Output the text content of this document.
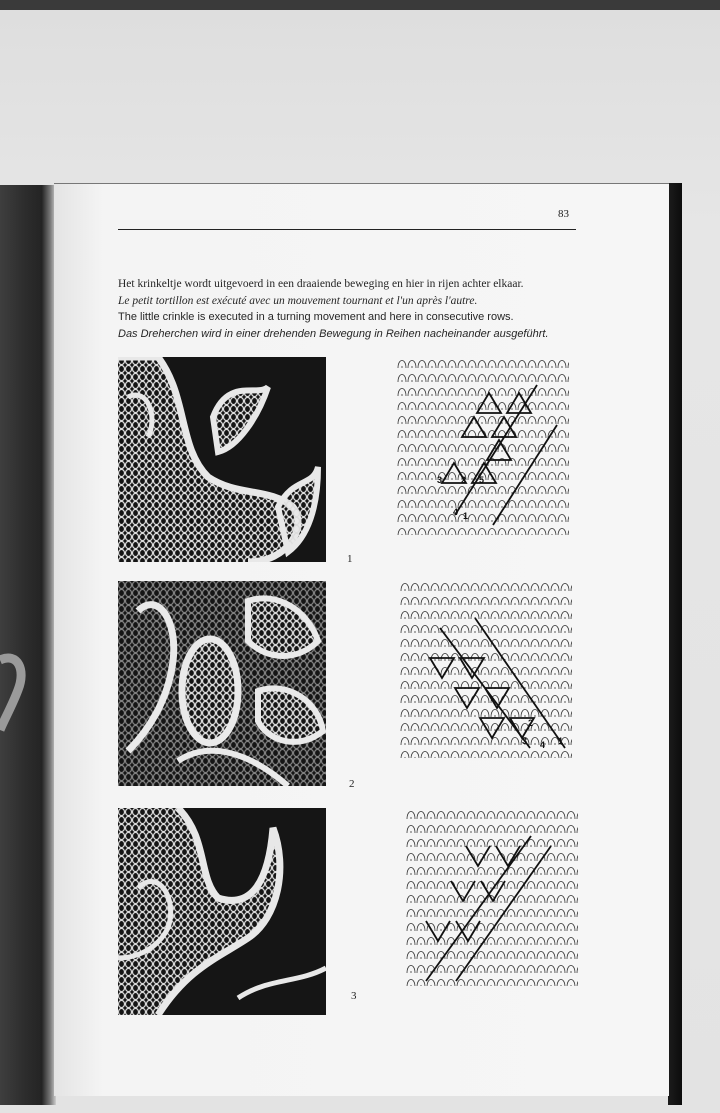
83
Het krinkeltje wordt uitgevoerd in een draaiende beweging en hier in rijen achter elkaar.
Le petit tortillon est exécuté avec un mouvement tournant et l'un après l'autre.
The little crinkle is executed in a turning movement and here in consecutive rows.
Das Dreherchen wird in einer drehenden Bewegung in Reihen nacheinander ausgeführt.
1
2
3
3 2 5
4 1
2
3 4 1
